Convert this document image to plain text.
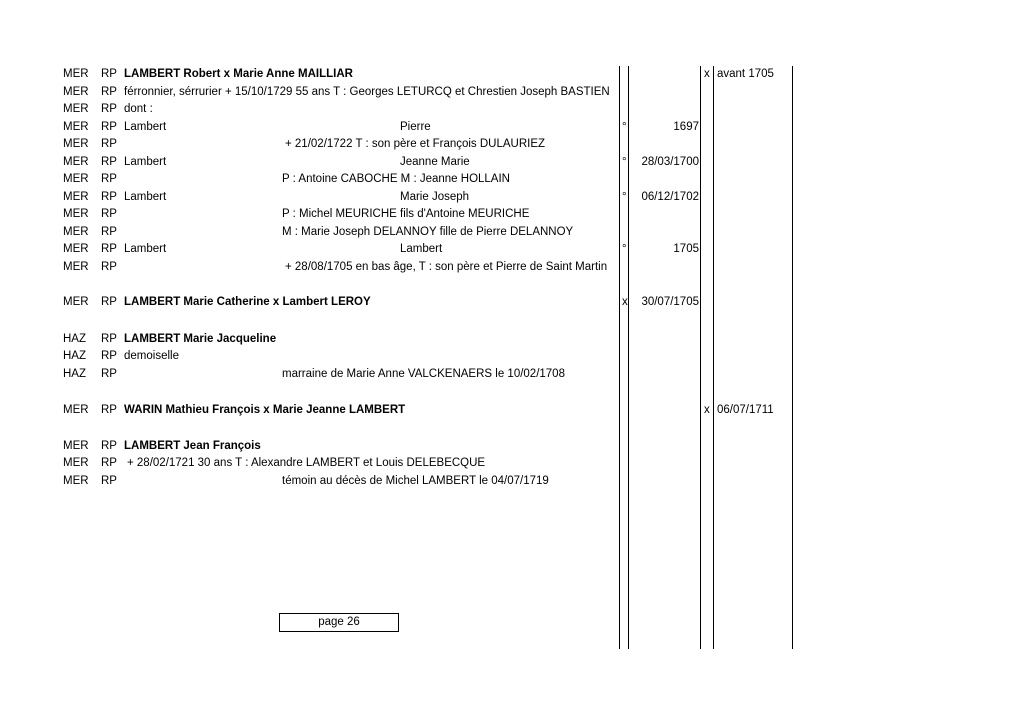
MER RP LAMBERT Robert x Marie Anne MAILLIAR	x avant 1705
MER RP férronnier, sérrurier + 15/10/1729 55 ans T : Georges LETURCQ et Chrestien Joseph BASTIEN
MER RP dont :
MER RP Lambert	Pierre	°	1697
MER RP	+ 21/02/1722 T : son père et François DULAURIEZ
MER RP Lambert	Jeanne Marie	° 28/03/1700
MER RP	P : Antoine CABOCHE M : Jeanne HOLLAIN
MER RP Lambert	Marie Joseph	° 06/12/1702
MER RP	P : Michel MEURICHE fils d'Antoine MEURICHE
MER RP	M : Marie Joseph DELANNOY fille de Pierre DELANNOY
MER RP Lambert	Lambert	°	1705
MER RP	+ 28/08/1705 en bas âge, T : son père et Pierre de Saint Martin
MER RP LAMBERT Marie Catherine x Lambert LEROY	x 30/07/1705
HAZ RP LAMBERT Marie Jacqueline
HAZ RP demoiselle
HAZ RP	marraine de Marie Anne VALCKENAERS le 10/02/1708
MER RP WARIN Mathieu François x Marie Jeanne LAMBERT	x 06/07/1711
MER RP LAMBERT Jean François
MER RP + 28/02/1721 30 ans T : Alexandre LAMBERT et Louis DELEBECQUE
MER RP	témoin au décès de Michel LAMBERT le 04/07/1719
page 26
